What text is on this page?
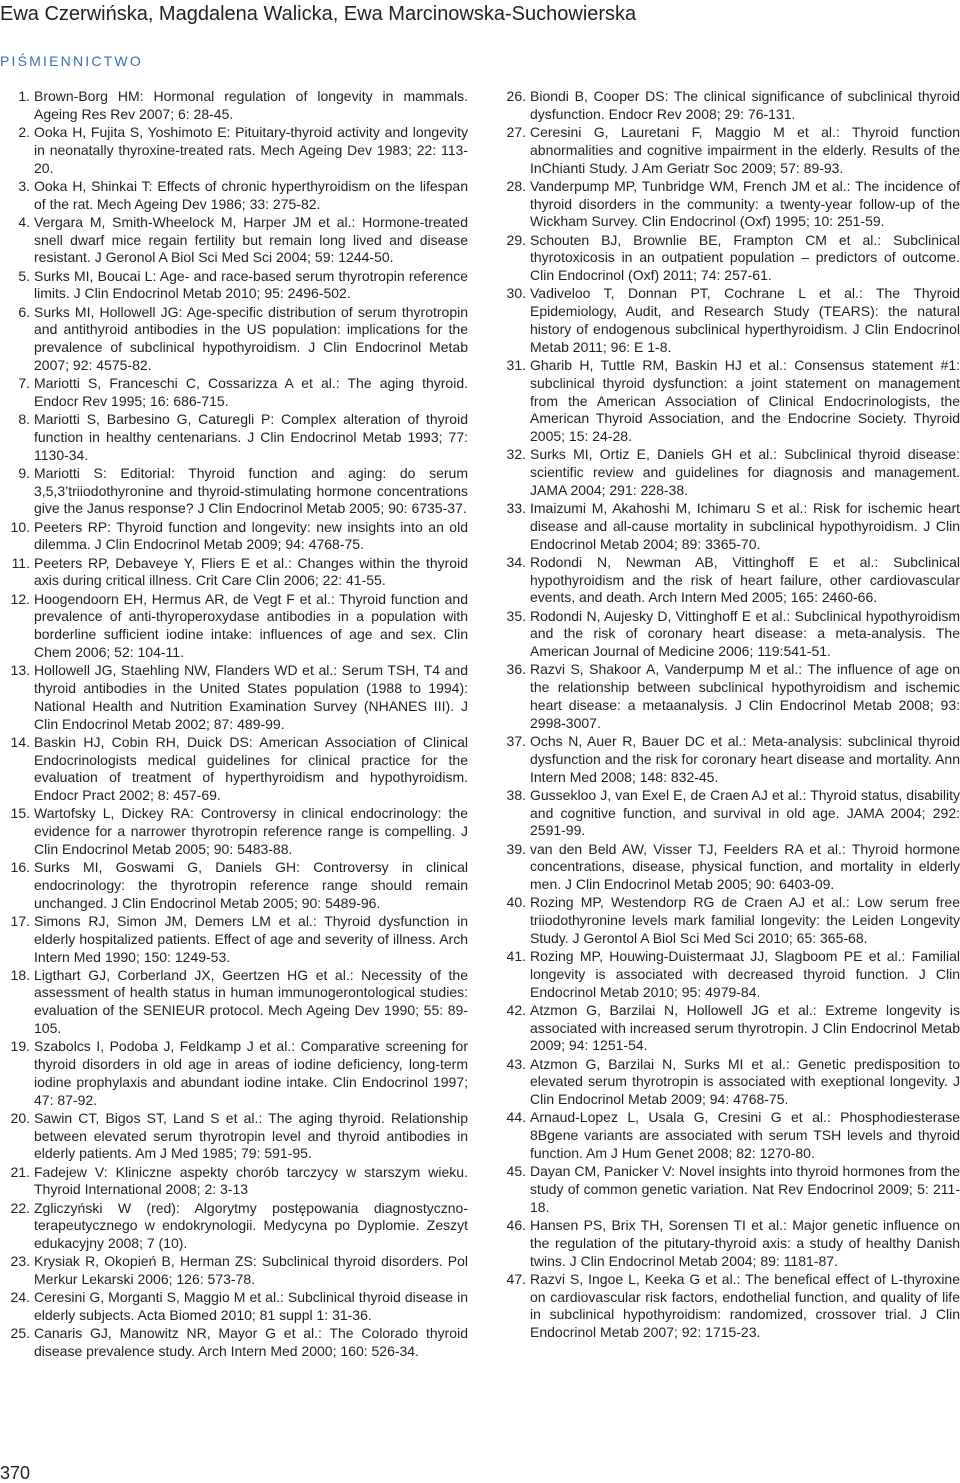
Ewa Czerwińska, Magdalena Walicka, Ewa Marcinowska-Suchowierska
PIŚMIENNICTWO
1. Brown-Borg HM: Hormonal regulation of longevity in mammals. Ageing Res Rev 2007; 6: 28-45.
2. Ooka H, Fujita S, Yoshimoto E: Pituitary-thyroid activity and longevity in neonatally thyroxine-treated rats. Mech Ageing Dev 1983; 22: 113-20.
3. Ooka H, Shinkai T: Effects of chronic hyperthyroidism on the lifespan of the rat. Mech Ageing Dev 1986; 33: 275-82.
4. Vergara M, Smith-Wheelock M, Harper JM et al.: Hormone-treated snell dwarf mice regain fertility but remain long lived and disease resistant. J Geronol A Biol Sci Med Sci 2004; 59: 1244-50.
5. Surks MI, Boucai L: Age- and race-based serum thyrotropin reference limits. J Clin Endocrinol Metab 2010; 95: 2496-502.
6. Surks MI, Hollowell JG: Age-specific distribution of serum thyrotropin and antithyroid antibodies in the US population: implications for the prevalence of subclinical hypothyroidism. J Clin Endocrinol Metab 2007; 92: 4575-82.
7. Mariotti S, Franceschi C, Cossarizza A et al.: The aging thyroid. Endocr Rev 1995; 16: 686-715.
8. Mariotti S, Barbesino G, Caturegli P: Complex alteration of thyroid function in healthy centenarians. J Clin Endocrinol Metab 1993; 77: 1130-34.
9. Mariotti S: Editorial: Thyroid function and aging: do serum 3,5,3’triiodothyronine and thyroid-stimulating hormone concentrations give the Janus response? J Clin Endocrinol Metab 2005; 90: 6735-37.
10. Peeters RP: Thyroid function and longevity: new insights into an old dilemma. J Clin Endocrinol Metab 2009; 94: 4768-75.
11. Peeters RP, Debaveye Y, Fliers E et al.: Changes within the thyroid axis during critical illness. Crit Care Clin 2006; 22: 41-55.
12. Hoogendoorn EH, Hermus AR, de Vegt F et al.: Thyroid function and prevalence of anti-thyroperoxydase antibodies in a population with borderline sufficient iodine intake: influences of age and sex. Clin Chem 2006; 52: 104-11.
13. Hollowell JG, Staehling NW, Flanders WD et al.: Serum TSH, T4 and thyroid antibodies in the United States population (1988 to 1994): National Health and Nutrition Examination Survey (NHANES III). J Clin Endocrinol Metab 2002; 87: 489-99.
14. Baskin HJ, Cobin RH, Duick DS: American Association of Clinical Endocrinologists medical guidelines for clinical practice for the evaluation of treatment of hyperthyroidism and hypothyroidism. Endocr Pract 2002; 8: 457-69.
15. Wartofsky L, Dickey RA: Controversy in clinical endocrinology: the evidence for a narrower thyrotropin reference range is compelling. J Clin Endocrinol Metab 2005; 90: 5483-88.
16. Surks MI, Goswami G, Daniels GH: Controversy in clinical endocrinology: the thyrotropin reference range should remain unchanged. J Clin Endocrinol Metab 2005; 90: 5489-96.
17. Simons RJ, Simon JM, Demers LM et al.: Thyroid dysfunction in elderly hospitalized patients. Effect of age and severity of illness. Arch Intern Med 1990; 150: 1249-53.
18. Ligthart GJ, Corberland JX, Geertzen HG et al.: Necessity of the assessment of health status in human immunogerontological studies: evaluation of the SENIEUR protocol. Mech Ageing Dev 1990; 55: 89-105.
19. Szabolcs I, Podoba J, Feldkamp J et al.: Comparative screening for thyroid disorders in old age in areas of iodine deficiency, long-term iodine prophylaxis and abundant iodine intake. Clin Endocrinol 1997; 47: 87-92.
20. Sawin CT, Bigos ST, Land S et al.: The aging thyroid. Relationship between elevated serum thyrotropin level and thyroid antibodies in elderly patients. Am J Med 1985; 79: 591-95.
21. Fadejew V: Kliniczne aspekty chorób tarczycy w starszym wieku. Thyroid International 2008; 2: 3-13
22. Zgliczyński W (red): Algorytmy postępowania diagnostyczno-terapeutycznego w endokrynologii. Medycyna po Dyplomie. Zeszyt edukacyjny 2008; 7 (10).
23. Krysiak R, Okopień B, Herman ZS: Subclinical thyroid disorders. Pol Merkur Lekarski 2006; 126: 573-78.
24. Ceresini G, Morganti S, Maggio M et al.: Subclinical thyroid disease in elderly subjects. Acta Biomed 2010; 81 suppl 1: 31-36.
25. Canaris GJ, Manowitz NR, Mayor G et al.: The Colorado thyroid disease prevalence study. Arch Intern Med 2000; 160: 526-34.
26. Biondi B, Cooper DS: The clinical significance of subclinical thyroid dysfunction. Endocr Rev 2008; 29: 76-131.
27. Ceresini G, Lauretani F, Maggio M et al.: Thyroid function abnormalities and cognitive impairment in the elderly. Results of the InChianti Study. J Am Geriatr Soc 2009; 57: 89-93.
28. Vanderpump MP, Tunbridge WM, French JM et al.: The incidence of thyroid disorders in the community: a twenty-year follow-up of the Wickham Survey. Clin Endocrinol (Oxf) 1995; 10: 251-59.
29. Schouten BJ, Brownlie BE, Frampton CM et al.: Subclinical thyrotoxicosis in an outpatient population – predictors of outcome. Clin Endocrinol (Oxf) 2011; 74: 257-61.
30. Vadiveloo T, Donnan PT, Cochrane L et al.: The Thyroid Epidemiology, Audit, and Research Study (TEARS): the natural history of endogenous subclinical hyperthyroidism. J Clin Endocrinol Metab 2011; 96: E 1-8.
31. Gharib H, Tuttle RM, Baskin HJ et al.: Consensus statement #1: subclinical thyroid dysfunction: a joint statement on management from the American Association of Clinical Endocrinologists, the American Thyroid Association, and the Endocrine Society. Thyroid 2005; 15: 24-28.
32. Surks MI, Ortiz E, Daniels GH et al.: Subclinical thyroid disease: scientific review and guidelines for diagnosis and management. JAMA 2004; 291: 228-38.
33. Imaizumi M, Akahoshi M, Ichimaru S et al.: Risk for ischemic heart disease and all-cause mortality in subclinical hypothyroidism. J Clin Endocrinol Metab 2004; 89: 3365-70.
34. Rodondi N, Newman AB, Vittinghoff E et al.: Subclinical hypothyroidism and the risk of heart failure, other cardiovascular events, and death. Arch Intern Med 2005; 165: 2460-66.
35. Rodondi N, Aujesky D, Vittinghoff E et al.: Subclinical hypothyroidism and the risk of coronary heart disease: a meta-analysis. The American Journal of Medicine 2006; 119:541-51.
36. Razvi S, Shakoor A, Vanderpump M et al.: The influence of age on the relationship between subclinical hypothyroidism and ischemic heart disease: a metaanalysis. J Clin Endocrinol Metab 2008; 93: 2998-3007.
37. Ochs N, Auer R, Bauer DC et al.: Meta-analysis: subclinical thyroid dysfunction and the risk for coronary heart disease and mortality. Ann Intern Med 2008; 148: 832-45.
38. Gussekloo J, van Exel E, de Craen AJ et al.: Thyroid status, disability and cognitive function, and survival in old age. JAMA 2004; 292: 2591-99.
39. van den Beld AW, Visser TJ, Feelders RA et al.: Thyroid hormone concentrations, disease, physical function, and mortality in elderly men. J Clin Endocrinol Metab 2005; 90: 6403-09.
40. Rozing MP, Westendorp RG de Craen AJ et al.: Low serum free triiodothyronine levels mark familial longevity: the Leiden Longevity Study. J Gerontol A Biol Sci Med Sci 2010; 65: 365-68.
41. Rozing MP, Houwing-Duistermaat JJ, Slagboom PE et al.: Familial longevity is associated with decreased thyroid function. J Clin Endocrinol Metab 2010; 95: 4979-84.
42. Atzmon G, Barzilai N, Hollowell JG et al.: Extreme longevity is associated with increased serum thyrotropin. J Clin Endocrinol Metab 2009; 94: 1251-54.
43. Atzmon G, Barzilai N, Surks MI et al.: Genetic predisposition to elevated serum thyrotropin is associated with exeptional longevity. J Clin Endocrinol Metab 2009; 94: 4768-75.
44. Arnaud-Lopez L, Usala G, Cresini G et al.: Phosphodiesterase 8Bgene variants are associated with serum TSH levels and thyroid function. Am J Hum Genet 2008; 82: 1270-80.
45. Dayan CM, Panicker V: Novel insights into thyroid hormones from the study of common genetic variation. Nat Rev Endocrinol 2009; 5: 211-18.
46. Hansen PS, Brix TH, Sorensen TI et al.: Major genetic influence on the regulation of the pitutary-thyroid axis: a study of healthy Danish twins. J Clin Endocrinol Metab 2004; 89: 1181-87.
47. Razvi S, Ingoe L, Keeka G et al.: The benefical effect of L-thyroxine on cardiovascular risk factors, endothelial function, and quality of life in subclinical hypothyroidism: randomized, crossover trial. J Clin Endocrinol Metab 2007; 92: 1715-23.
370
